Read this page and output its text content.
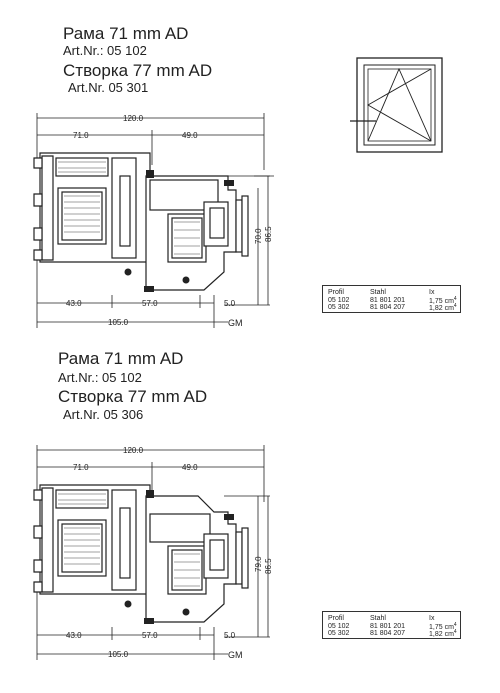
Рама 71 mm AD
Art.Nr.: 05 102
Створка 77 mm AD
Art.Nr. 05 301
120.0
71.0	49.0
43.0	57.0	5.0
105.0	GM
70.0 86.5
Profil	Stahl	Ix
05 102	81 801 201	1,75 $cm^4$
05 302	81 804 207	1,82 $cm^4$
Рама 71 mm AD
Art.Nr.: 05 102
Створка 77 mm AD
Art.Nr. 05 306
120.0
71.0	49.0
43.0	57.0	5.0
105.0	GM
79.0 86.5
Profil	Stahl	Ix
05 102	81 801 201	1,75 $cm^4$
05 302	81 804 207	1,82 $cm^4$
